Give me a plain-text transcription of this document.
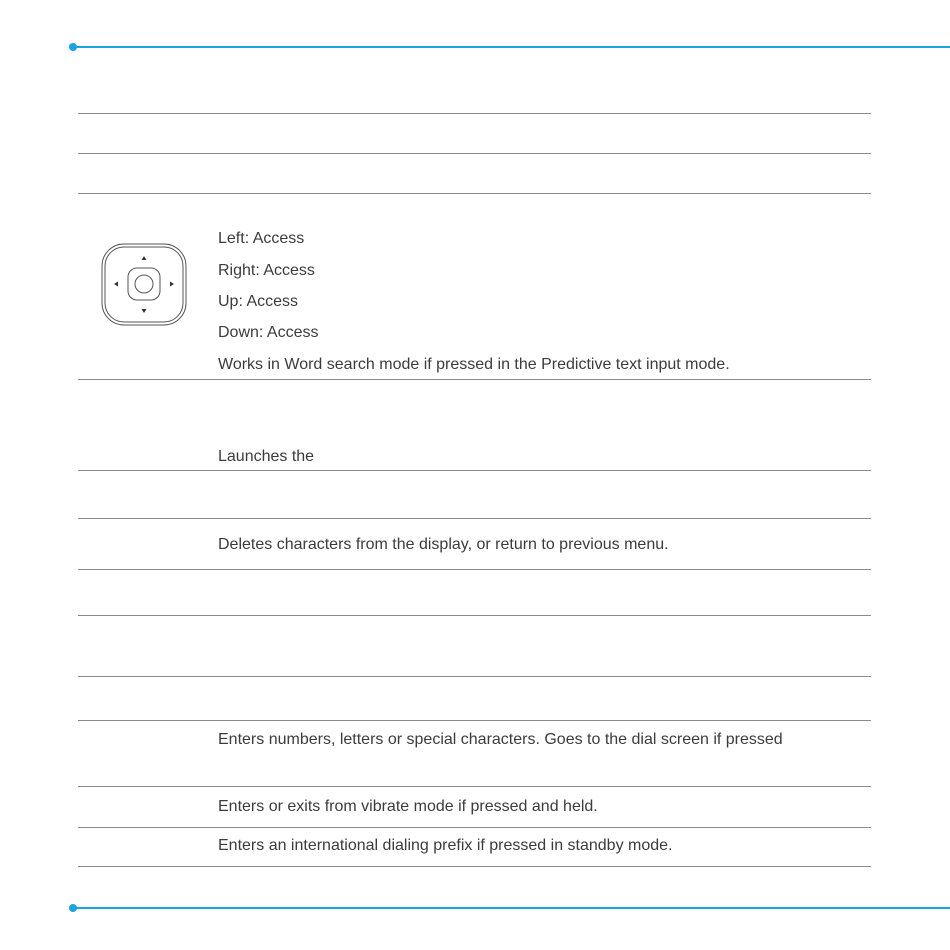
Left: Access
Right: Access
Up: Access
Down: Access
Works in Word search mode if pressed in the Predictive text input mode.
Launches the
Deletes characters from the display, or return to previous menu.
Enters numbers, letters or special characters. Goes to the dial screen if pressed
Enters or exits from vibrate mode if pressed and held.
Enters an international dialing prefix if pressed in standby mode.
